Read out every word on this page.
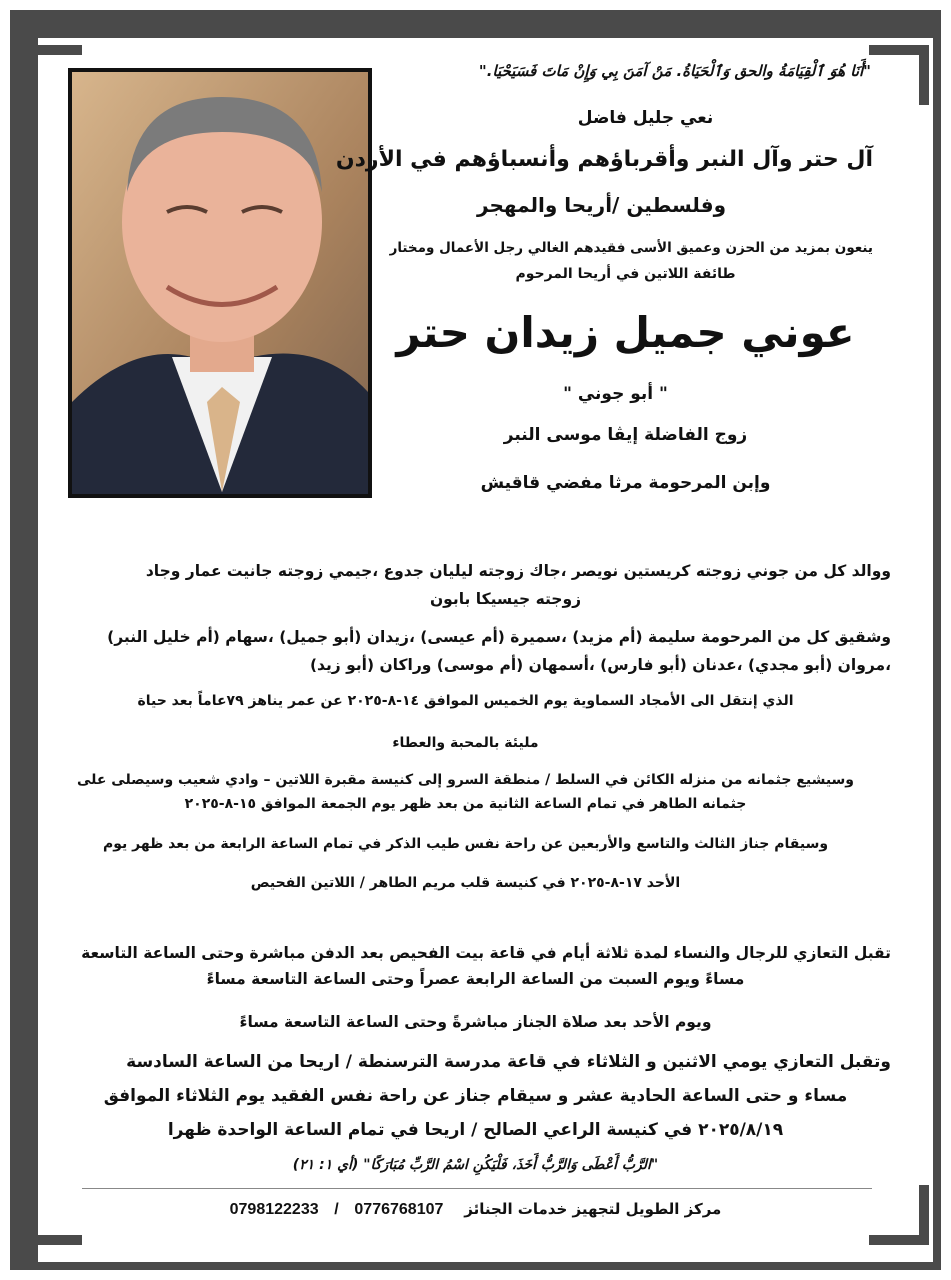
"أَنَا هُوَ ٱلْقِيَامَةُ والحق وَٱلْحَيَاةُ. مَنْ آمَنَ بِي وَإِنْ مَاتَ فَسَيَحْيَا."
نعي جليل فاضل
آل حتر وآل النبر وأقرباؤهم وأنسباؤهم في الأردن
وفلسطين /أريحا والمهجر
ينعون بمزيد من الحزن وعميق الأسى فقيدهم الغالي رجل الأعمال ومختار
طائفة اللاتين في أريحا المرحوم
عوني جميل زيدان حتر
" أبو جوني "
زوج الفاضلة إيڤا موسى النبر
وإبن المرحومة مرثا مفضي قاقيش
ووالد كل من جوني زوجته كريستين نويصر ،جاك زوجته ليليان جدوع ،جيمي زوجته جانيت عمار وجاد
زوجته جيسيكا بابون
وشقيق كل من المرحومة سليمة (أم مزيد) ،سميرة (أم عيسى) ،زيدان (أبو جميل) ،سهام (أم خليل النبر)
،مروان (أبو مجدي) ،عدنان (أبو فارس) ،أسمهان (أم موسى) وراكان (أبو زيد)
الذي إنتقل الى الأمجاد السماوية يوم الخميس الموافق ١٤-٨-٢٠٢٥ عن عمر يناهز ٧٩عاماً بعد حياة
مليئة بالمحبة والعطاء
وسيشيع جثمانه من منزله الكائن في السلط / منطقة السرو إلى كنيسة مقبرة اللاتين – وادي شعيب وسيصلى على
جثمانه الطاهر في تمام الساعة الثانية من بعد ظهر يوم الجمعة الموافق ١٥-٨-٢٠٢٥
وسيقام جناز الثالث والتاسع والأربعين عن راحة نفس طيب الذكر في تمام الساعة الرابعة من بعد ظهر يوم
الأحد ١٧-٨-٢٠٢٥ في كنيسة قلب مريم الطاهر / اللاتين الفحيص
تقبل التعازي للرجال والنساء لمدة ثلاثة أيام في قاعة بيت الفحيص بعد الدفن مباشرة وحتى الساعة التاسعة
مساءً ويوم السبت من الساعة الرابعة عصراً وحتى الساعة التاسعة مساءً
ويوم الأحد بعد صلاة الجناز مباشرةً وحتى الساعة التاسعة مساءً
وتقبل التعازي يومي الاثنين و الثلاثاء في قاعة مدرسة الترسنطة / اريحا من الساعة السادسة
مساء و حتى الساعة الحادية عشر و سيقام جناز عن راحة نفس الفقيد يوم الثلاثاء الموافق
٢٠٢٥/٨/١٩ في كنيسة الراعي الصالح / اريحا في تمام الساعة الواحدة ظهرا
"الرَّبُّ أَعْطَى وَالرَّبُّ أَخَذَ، فَلْيَكُنِ اسْمُ الرَّبِّ مُبَارَكًا" (أي ١: ٢١)
مركز الطويل لتجهيز خدمات الجنائز    0798122233 / 0776768107
